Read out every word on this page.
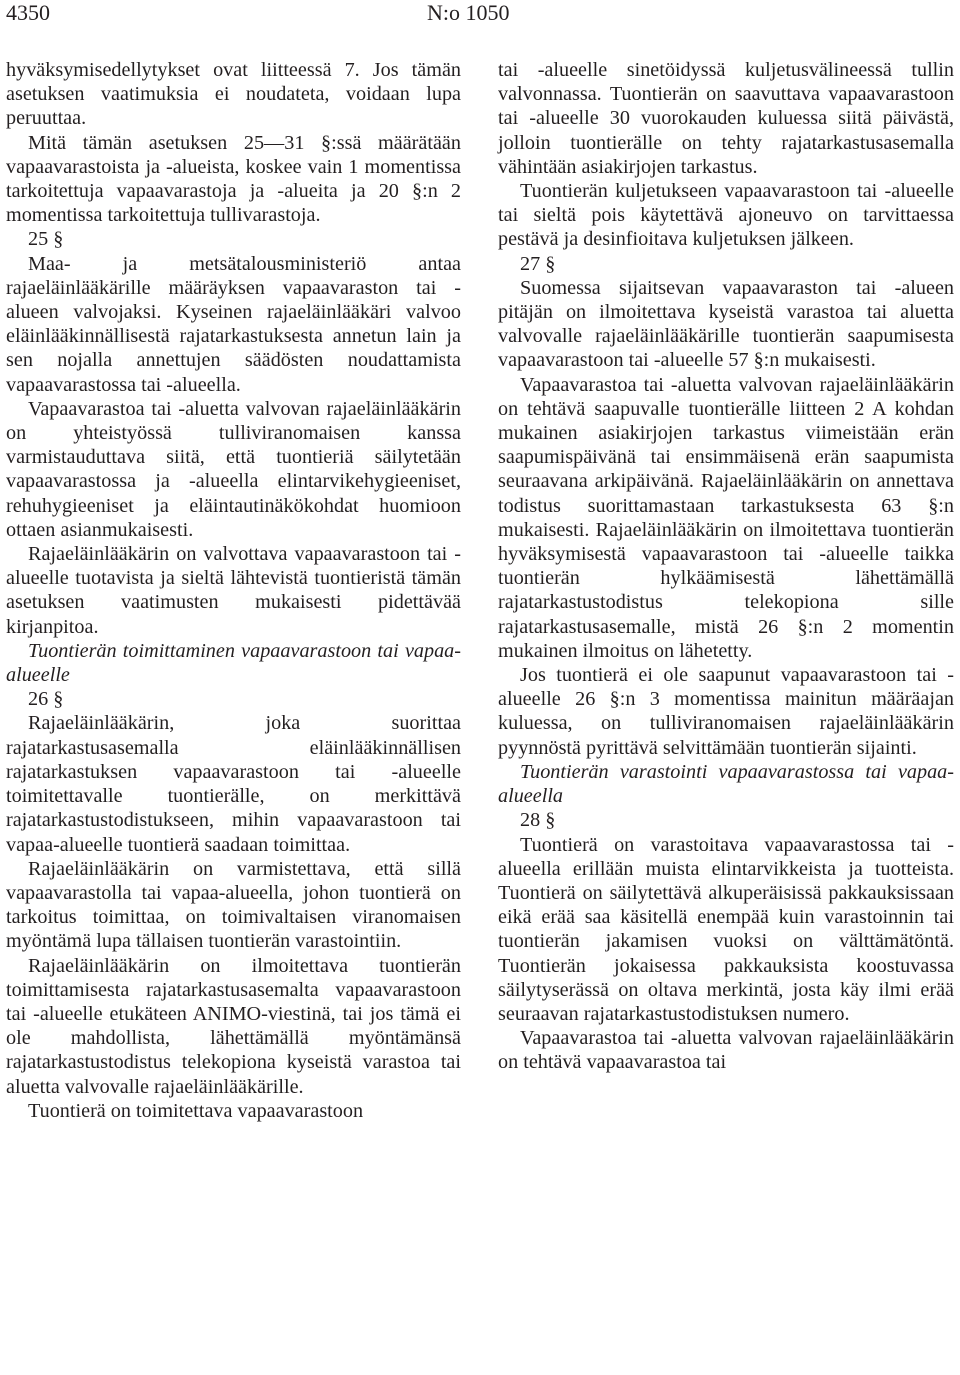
4350	N:o 1050

hyväksymisedellytykset ovat liitteessä 7. Jos tämän asetuksen vaatimuksia ei noudateta, voidaan lupa peruuttaa.

Mitä tämän asetuksen 25—31 §:ssä määrätään vapaavarastoista ja -alueista, koskee vain 1 momentissa tarkoitettuja vapaavarastoja ja -alueita ja 20 §:n 2 momentissa tarkoitettuja tullivarastoja.

25 §

Maa- ja metsätalousministeriö antaa rajaeläinlääkärille määräyksen vapaavaraston tai -alueen valvojaksi. Kyseinen rajaeläinlääkäri valvoo eläinlääkinnällisestä rajatarkastuksesta annetun lain ja sen nojalla annettujen säädösten noudattamista vapaavarastossa tai -alueella.

Vapaavarastoa tai -aluetta valvovan rajaeläinlääkärin on yhteistyössä tulliviranomaisen kanssa varmistauduttava siitä, että tuontieriä säilytetään vapaavarastossa ja -alueella elintarvikehygieeniset, rehuhygieeniset ja eläintautinäkökohdat huomioon ottaen asianmukaisesti.

Rajaeläinlääkärin on valvottava vapaavarastoon tai -alueelle tuotavista ja sieltä lähtevistä tuontieristä tämän asetuksen vaatimusten mukaisesti pidettävää kirjanpitoa.

Tuontierän toimittaminen vapaavarastoon tai vapaa-alueelle

26 §

Rajaeläinlääkärin, joka suorittaa rajatarkastusasemalla eläinlääkinnällisen rajatarkastuksen vapaavarastoon tai -alueelle toimitettavalle tuontierälle, on merkittävä rajatarkastustodistukseen, mihin vapaavarastoon tai vapaa-alueelle tuontierä saadaan toimittaa.

Rajaeläinlääkärin on varmistettava, että sillä vapaavarastolla tai vapaa-alueella, johon tuontierä on tarkoitus toimittaa, on toimivaltaisen viranomaisen myöntämä lupa tällaisen tuontierän varastointiin.

Rajaeläinlääkärin on ilmoitettava tuontierän toimittamisesta rajatarkastusasemalta vapaavarastoon tai -alueelle etukäteen ANIMO-viestinä, tai jos tämä ei ole mahdollista, lähettämällä myöntämänsä rajatarkastustodistus telekopiona kyseistä varastoa tai aluetta valvovalle rajaeläinlääkärille.

Tuontierä on toimitettava vapaavarastoon

tai -alueelle sinetöidyssä kuljetusvälineessä tullin valvonnassa. Tuontierän on saavuttava vapaavarastoon tai -alueelle 30 vuorokauden kuluessa siitä päivästä, jolloin tuontierälle on tehty rajatarkastusasemalla vähintään asiakirjojen tarkastus.

Tuontierän kuljetukseen vapaavarastoon tai -alueelle tai sieltä pois käytettävä ajoneuvo on tarvittaessa pestävä ja desinfioitava kuljetuksen jälkeen.

27 §

Suomessa sijaitsevan vapaavaraston tai -alueen pitäjän on ilmoitettava kyseistä varastoa tai aluetta valvovalle rajaeläinlääkärille tuontierän saapumisesta vapaavarastoon tai -alueelle 57 §:n mukaisesti.

Vapaavarastoa tai -aluetta valvovan rajaeläinlääkärin on tehtävä saapuvalle tuontierälle liitteen 2 A kohdan mukainen asiakirjojen tarkastus viimeistään erän saapumispäivänä tai ensimmäisenä erän saapumista seuraavana arkipäivänä. Rajaeläinlääkärin on annettava todistus suorittamastaan tarkastuksesta 63 §:n mukaisesti. Rajaeläinlääkärin on ilmoitettava tuontierän hyväksymisestä vapaavarastoon tai -alueelle taikka tuontierän hylkäämisestä lähettämällä rajatarkastustodistus telekopiona sille rajatarkastusasemalle, mistä 26 §:n 2 momentin mukainen ilmoitus on lähetetty.

Jos tuontierä ei ole saapunut vapaavarastoon tai -alueelle 26 §:n 3 momentissa mainitun määräajan kuluessa, on tulliviranomaisen rajaeläinlääkärin pyynnöstä pyrittävä selvittämään tuontierän sijainti.

Tuontierän varastointi vapaavarastossa tai vapaa-alueella

28 §

Tuontierä on varastoitava vapaavarastossa tai -alueella erillään muista elintarvikkeista ja tuotteista. Tuontierä on säilytettävä alkuperäisissä pakkauksissaan eikä erää saa käsitellä enempää kuin varastoinnin tai tuontierän jakamisen vuoksi on välttämätöntä. Tuontierän jokaisessa pakkauksista koostuvassa säilytyserässä on oltava merkintä, josta käy ilmi erää seuraavan rajatarkastustodistuksen numero.

Vapaavarastoa tai -aluetta valvovan rajaeläinlääkärin on tehtävä vapaavarastoa tai
